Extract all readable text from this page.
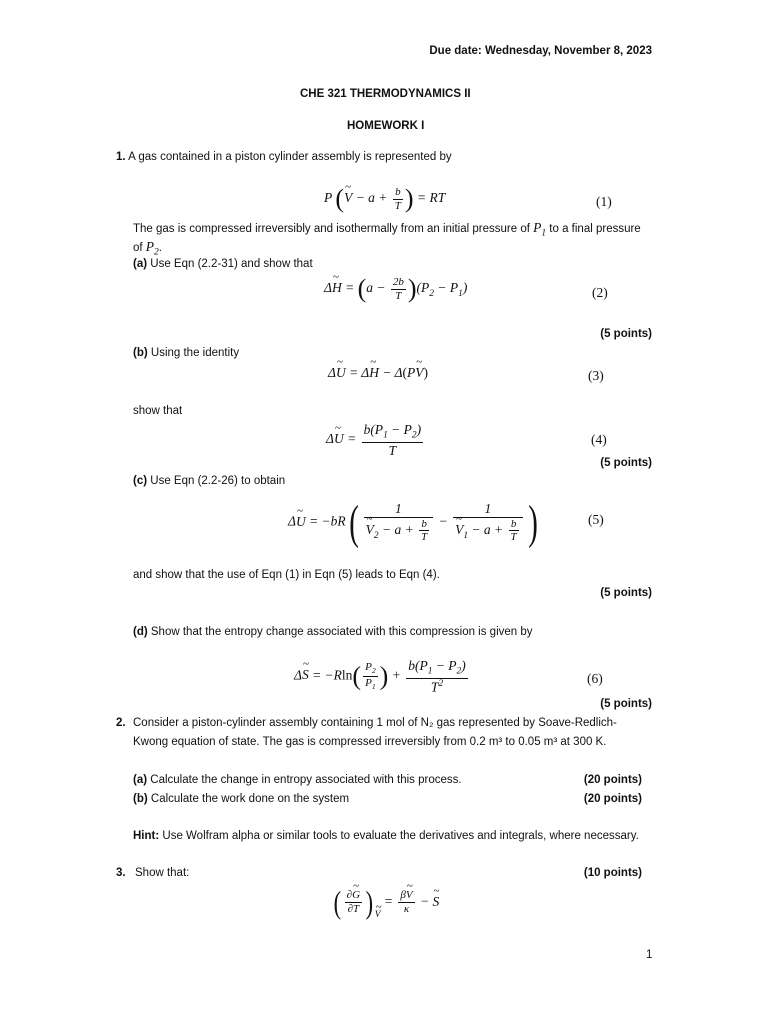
Due date: Wednesday, November 8, 2023
CHE 321 THERMODYNAMICS II
HOMEWORK I
1. A gas contained in a piston cylinder assembly is represented by
P (~ $V - a + \frac{b}{T}$ ) = RT	(1)
The gas is compressed irreversibly and isothermally from an initial pressure of $P_1$ to a final pressure
of $P_2$.
(a) Use Eqn (2.2-31) and show that
Δ~ $H = (a - \frac{2b}{T} )(P_2 - P_1)$	(2)
(5 points)
(b) Using the identity
Δ~ U = Δ~ H − Δ(P~ V)	(3)
show that
Δ~ $U = \frac{b(P_1 - P_2)}{T}$	(4)
(5 points)
(c) Use Eqn (2.2-26) to obtain
Δ~ U = −bR( 1
~ $V_2 - a + \frac{b}{T} - 1$
~ $V_1 - a + \frac{b}{T}$ )	(5)
and show that the use of Eqn (1) in Eqn (5) leads to Eqn (4).
(5 points)
(d) Show that the entropy change associated with this compression is given by
Δ~ $S = -Rln( \frac{P_2}{P_1}$ ) + $\frac{b(P_1 - P_2)}{T^2}$	(6)
(5 points)
2. Consider a piston-cylinder assembly containing 1 mol of N₂ gas represented by Soave-Redlich-
Kwong equation of state. The gas is compressed irreversibly from 0.2 m³ to 0.05 m³ at 300 K.
(a) Calculate the change in entropy associated with this process.	(20 points)
(b) Calculate the work done on the system	(20 points)
Hint: Use Wolfram alpha or similar tools to evaluate the derivatives and integrals, where necessary.
3. Show that:	(10 points)
( $\frac{\partial\sim G}{\partial T}$ )~ $_V = \frac{\beta\sim V}{\kappa}$ − ~ S
1
